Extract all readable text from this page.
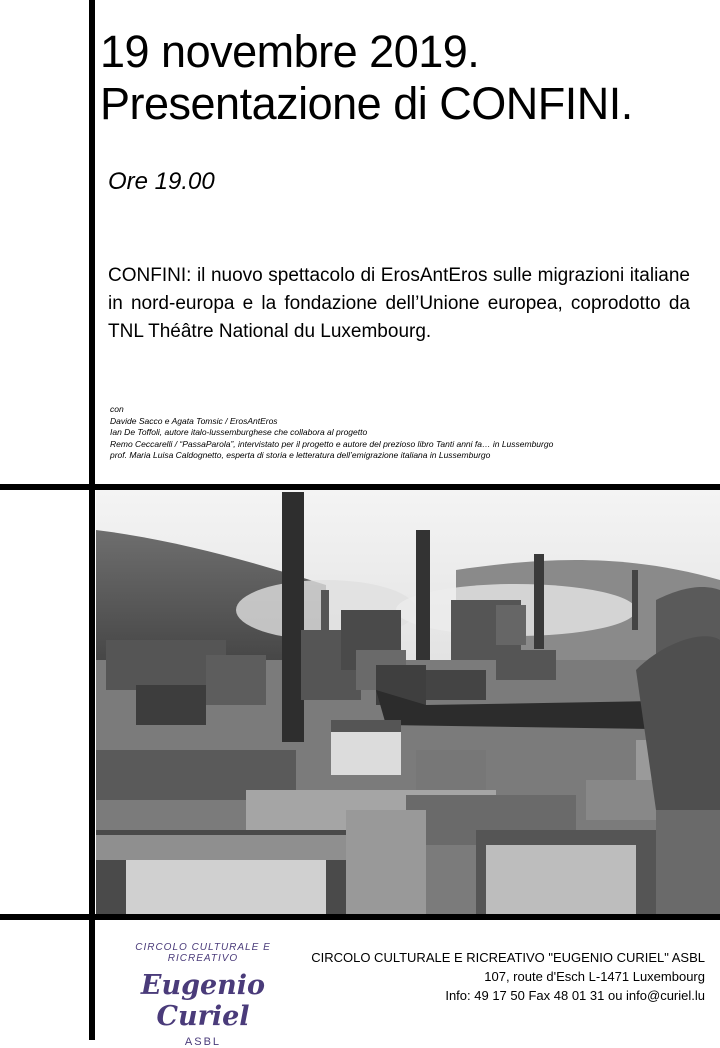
19 novembre 2019.
Presentazione di CONFINI.
Ore 19.00
CONFINI: il nuovo spettacolo di ErosAntEros sulle migrazioni italiane in nord-europa e la fondazione dell’Unione europea, coprodotto da TNL Théâtre National du Luxembourg.
con
Davide Sacco e Agata Tomsic / ErosAntEros
Ian De Toffoli, autore italo-lussemburghese che collabora al progetto
Remo Ceccarelli / “PassaParola”, intervistato per il progetto e autore del prezioso libro Tanti anni fa… in Lussemburgo
prof. Maria Luisa Caldognetto, esperta di storia e letteratura dell’emigrazione italiana in Lussemburgo
CIRCOLO CULTURALE E RICREATIVO
Eugenio Curiel
ASBL
CIRCOLO CULTURALE E RICREATIVO "EUGENIO CURIEL" ASBL
107, route d'Esch L-1471 Luxembourg
Info: 49 17 50 Fax 48 01 31 ou info@curiel.lu
